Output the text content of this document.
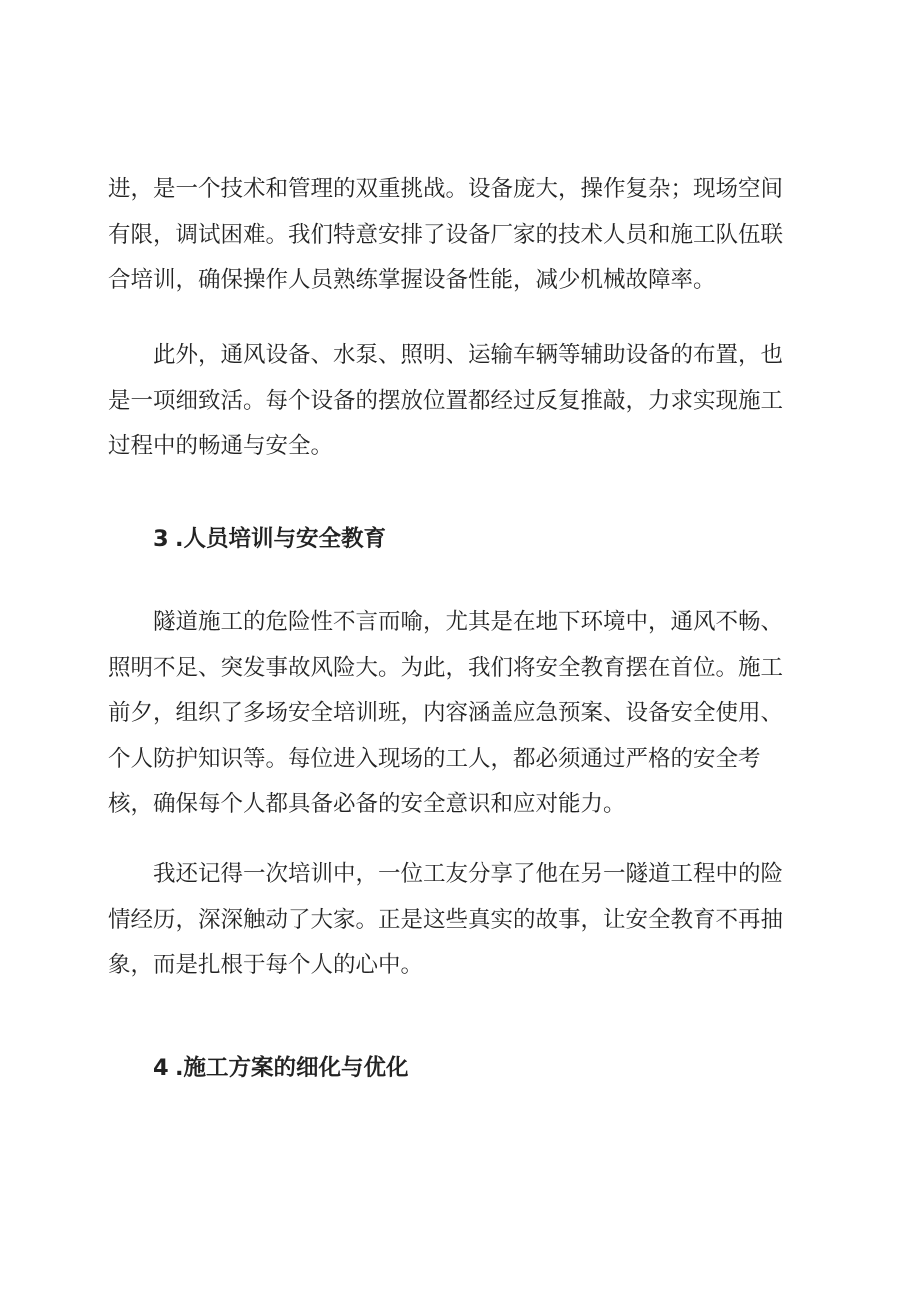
进，是一个技术和管理的双重挑战。设备庞大，操作复杂；现场空间
有限，调试困难。我们特意安排了设备厂家的技术人员和施工队伍联
合培训，确保操作人员熟练掌握设备性能，减少机械故障率。

此外，通风设备、水泵、照明、运输车辆等辅助设备的布置，也
是一项细致活。每个设备的摆放位置都经过反复推敲，力求实现施工
过程中的畅通与安全。

3 .人员培训与安全教育

隧道施工的危险性不言而喻，尤其是在地下环境中，通风不畅、
照明不足、突发事故风险大。为此，我们将安全教育摆在首位。施工
前夕，组织了多场安全培训班，内容涵盖应急预案、设备安全使用、
个人防护知识等。每位进入现场的工人，都必须通过严格的安全考
核，确保每个人都具备必备的安全意识和应对能力。

我还记得一次培训中，一位工友分享了他在另一隧道工程中的险
情经历，深深触动了大家。正是这些真实的故事，让安全教育不再抽
象，而是扎根于每个人的心中。

4 .施工方案的细化与优化
